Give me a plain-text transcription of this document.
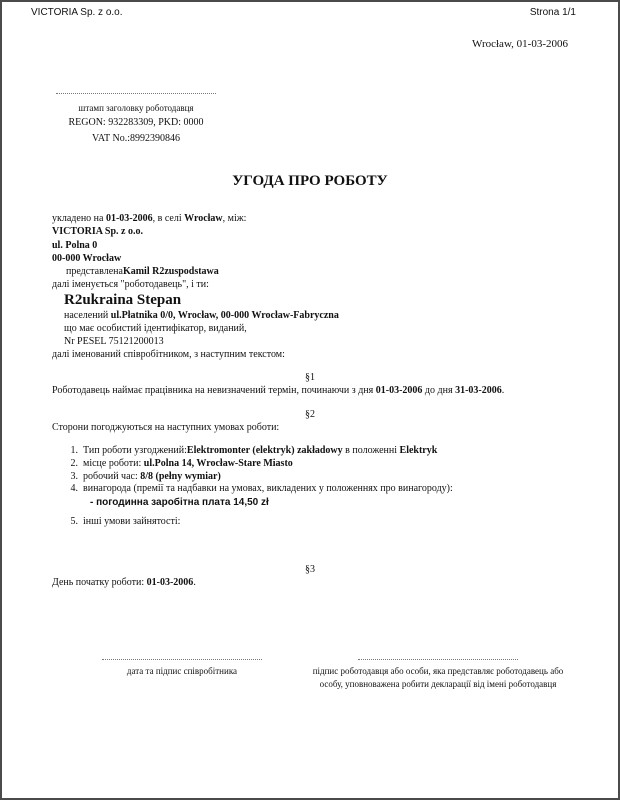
VICTORIA Sp. z o.o.	Strona 1/1
Wrocław, 01-03-2006
штамп заголовку роботодавця
REGON: 932283309, PKD: 0000
VAT No.:8992390846
УГОДА ПРО РОБОТУ
укладено на 01-03-2006, в селі Wrocław, між:
VICTORIA Sp. z o.o.
ul. Polna 0
00-000 Wrocław
представленаKamil R2zuspodstawa
далі іменується "роботодавець", і ти:
R2ukraina Stepan
населений ul.Płatnika 0/0, Wrocław, 00-000 Wrocław-Fabryczna
що має особистий ідентифікатор, виданий,
Nr PESEL 75121200013
далі іменований співробітником, з наступним текстом:
§1
Роботодавець наймає працівника на невизначений термін, починаючи з дня 01-03-2006 до дня 31-03-2006.
§2
Сторони погоджуються на наступних умовах роботи:
1. Тип роботи узгоджений:Elektromonter (elektryk) zakładowy в положенні Elektryk
2. місце роботи: ul.Polna 14, Wrocław-Stare Miasto
3. робочий час: 8/8 (pełny wymiar)
4. винагорода (премії та надбавки на умовах, викладених у положеннях про винагороду):
- погодинна заробітна плата 14,50 zł
5. інші умови зайнятості:
§3
День початку роботи: 01-03-2006.
дата та підпис співробітника	підпис роботодавця або особи, яка представляє роботодавець або особу, уповноважена робити декларації від імені роботодавця
